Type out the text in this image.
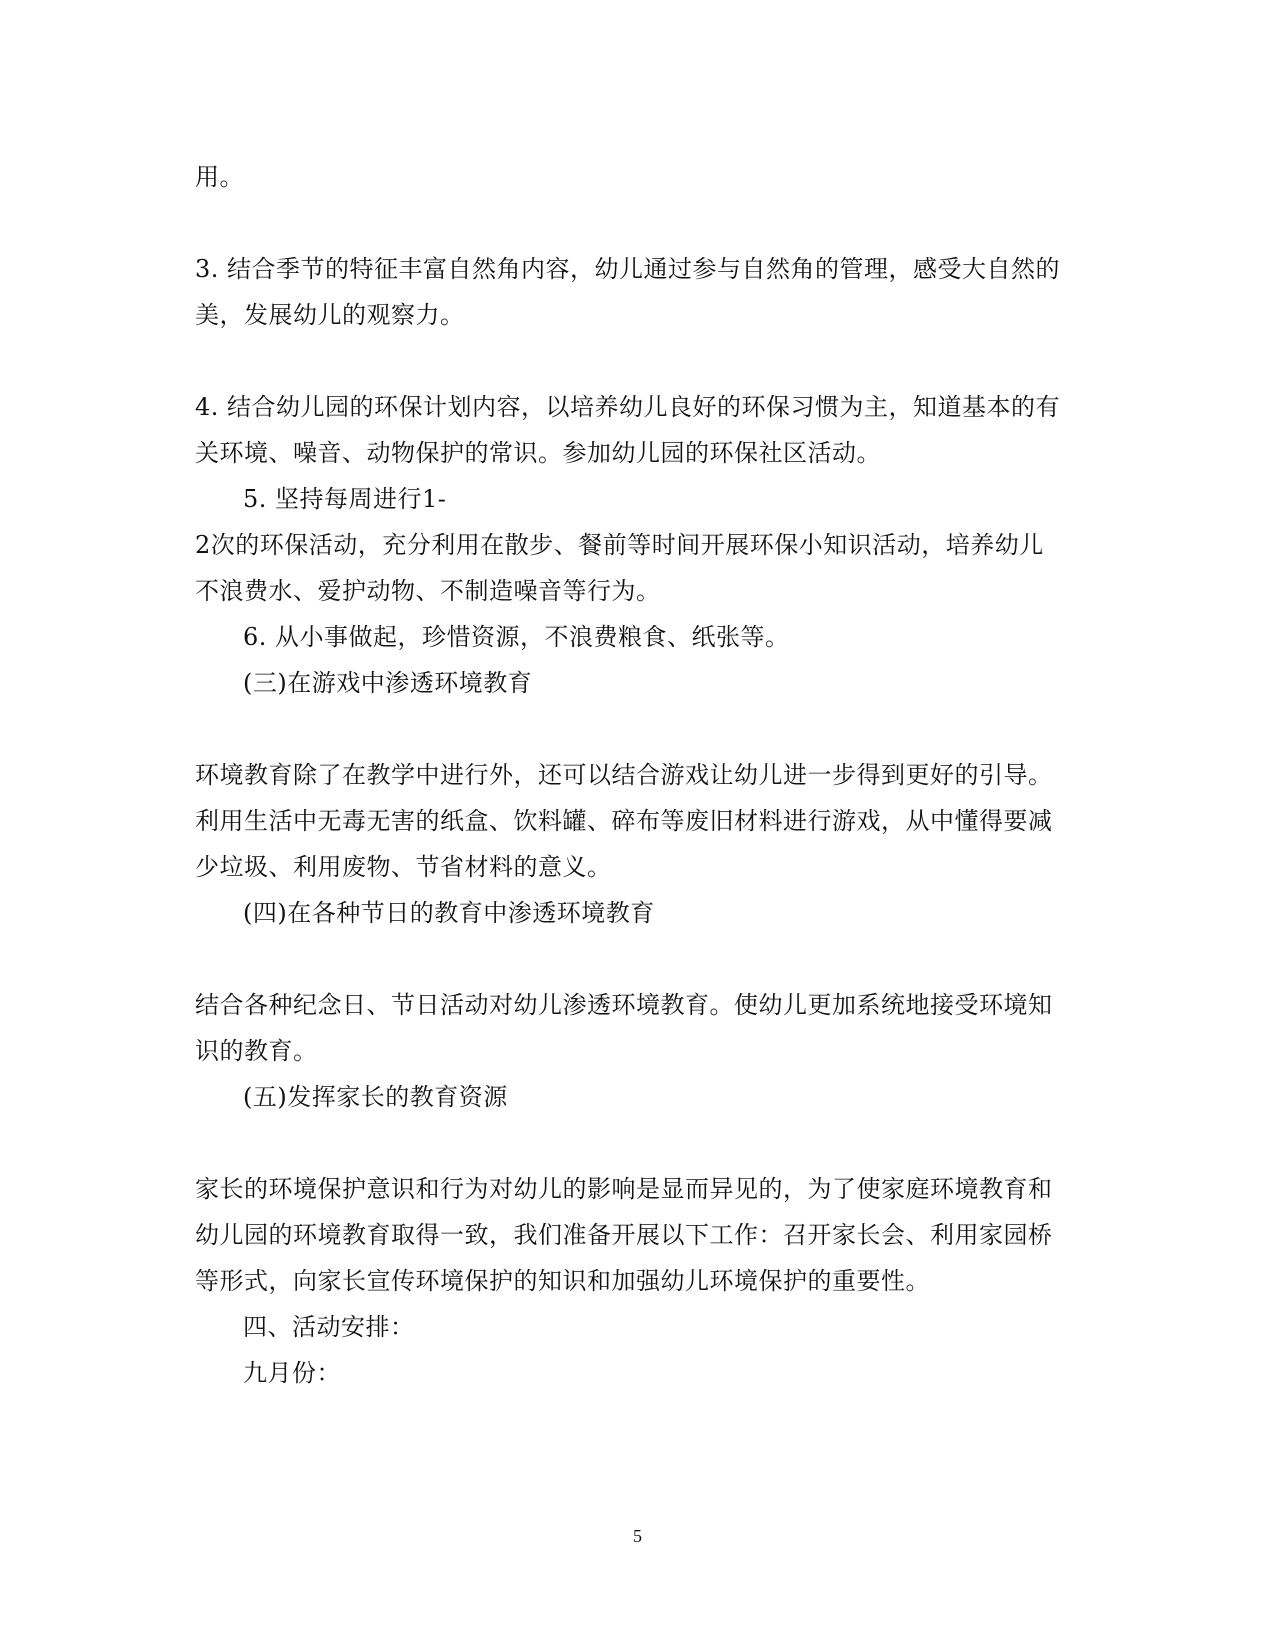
用。
3. 结合季节的特征丰富自然角内容，幼儿通过参与自然角的管理，感受大自然的
美，发展幼儿的观察力。
4. 结合幼儿园的环保计划内容，以培养幼儿良好的环保习惯为主，知道基本的有
关环境、噪音、动物保护的常识。参加幼儿园的环保社区活动。
5. 坚持每周进行1-
2次的环保活动，充分利用在散步、餐前等时间开展环保小知识活动，培养幼儿
不浪费水、爱护动物、不制造噪音等行为。
6. 从小事做起，珍惜资源，不浪费粮食、纸张等。
(三)在游戏中渗透环境教育
环境教育除了在教学中进行外，还可以结合游戏让幼儿进一步得到更好的引导。
利用生活中无毒无害的纸盒、饮料罐、碎布等废旧材料进行游戏，从中懂得要减
少垃圾、利用废物、节省材料的意义。
(四)在各种节日的教育中渗透环境教育
结合各种纪念日、节日活动对幼儿渗透环境教育。使幼儿更加系统地接受环境知
识的教育。
(五)发挥家长的教育资源
家长的环境保护意识和行为对幼儿的影响是显而异见的，为了使家庭环境教育和
幼儿园的环境教育取得一致，我们准备开展以下工作：召开家长会、利用家园桥
等形式，向家长宣传环境保护的知识和加强幼儿环境保护的重要性。
四、活动安排：
九月份：
5
